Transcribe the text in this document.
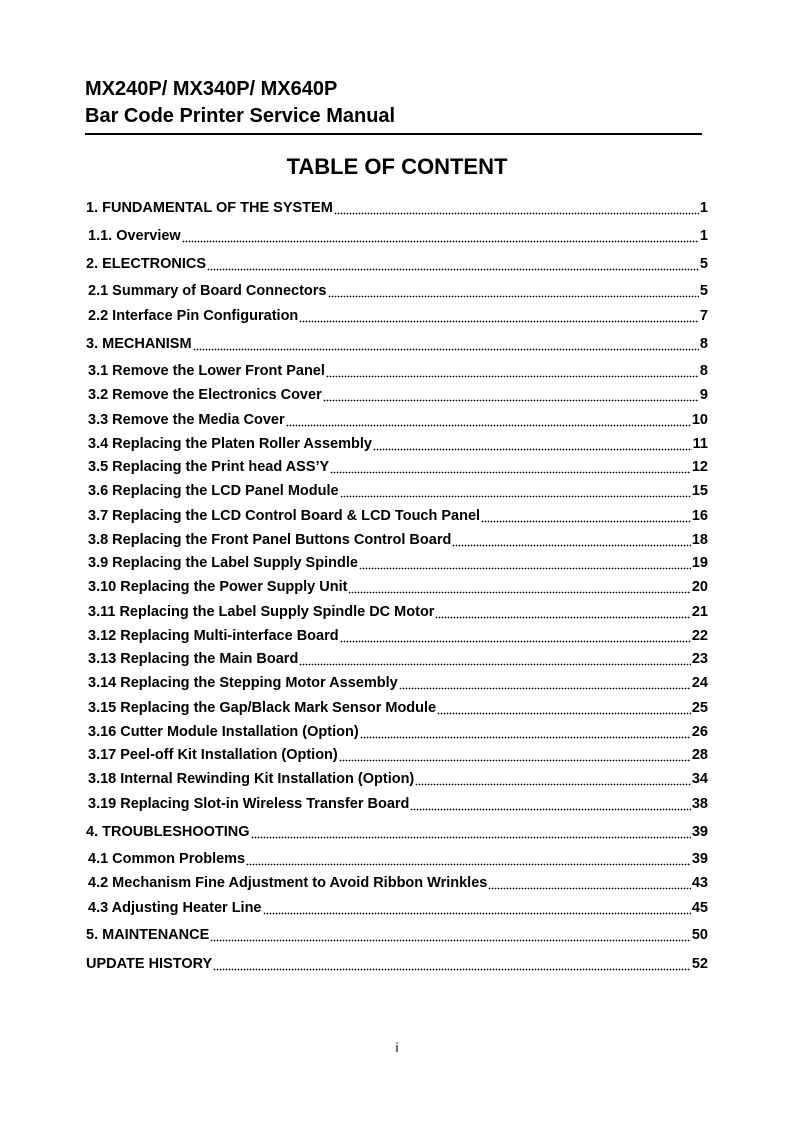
MX240P/ MX340P/ MX640P
Bar Code Printer Service Manual
TABLE OF CONTENT
1. FUNDAMENTAL OF THE SYSTEM	1
1.1. Overview	1
2. ELECTRONICS	5
2.1 Summary of Board Connectors	5
2.2 Interface Pin Configuration	7
3. MECHANISM	8
3.1 Remove the Lower Front Panel	8
3.2 Remove the Electronics Cover	9
3.3 Remove the Media Cover	10
3.4 Replacing the Platen Roller Assembly	11
3.5 Replacing the Print head ASS’Y	12
3.6 Replacing the LCD Panel Module	15
3.7 Replacing the LCD Control Board & LCD Touch Panel	16
3.8 Replacing the Front Panel Buttons Control Board	18
3.9 Replacing the Label Supply Spindle	19
3.10 Replacing the Power Supply Unit	20
3.11 Replacing the Label Supply Spindle DC Motor	21
3.12 Replacing Multi-interface Board	22
3.13 Replacing the Main Board	23
3.14 Replacing the Stepping Motor Assembly	24
3.15 Replacing the Gap/Black Mark Sensor Module	25
3.16 Cutter Module Installation (Option)	26
3.17 Peel-off Kit Installation (Option)	28
3.18 Internal Rewinding Kit Installation (Option)	34
3.19 Replacing Slot-in Wireless Transfer Board	38
4. TROUBLESHOOTING	39
4.1 Common Problems	39
4.2 Mechanism Fine Adjustment to Avoid Ribbon Wrinkles	43
4.3 Adjusting Heater Line	45
5. MAINTENANCE	50
UPDATE HISTORY	52
i
